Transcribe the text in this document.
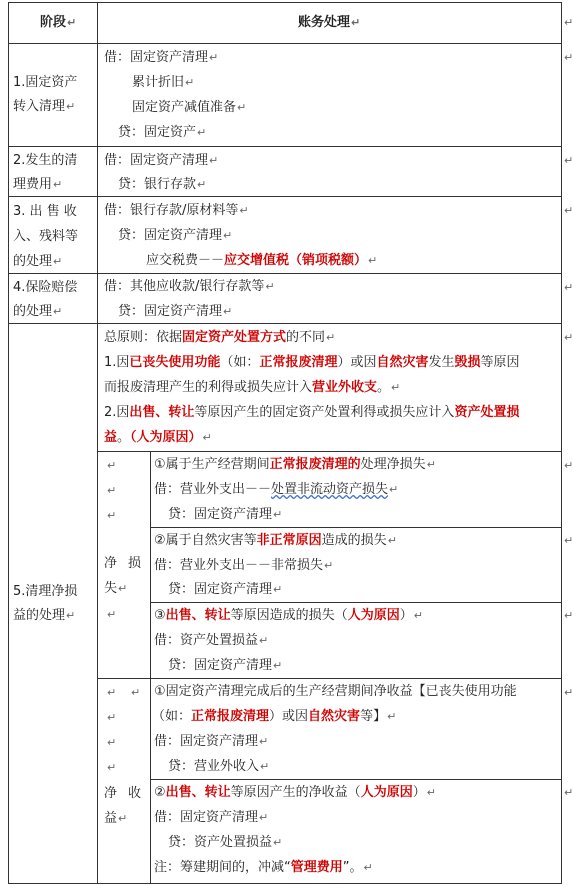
阶段↵	账务处理↵
1.固定资产
转入清理↵
借：固定资产清理↵
累计折旧↵
固定资产减值准备↵
贷：固定资产↵
2.发生的清
理费用↵
借：固定资产清理↵
贷：银行存款↵
3. 出 售 收
入、残料等
的处理↵
借：银行存款/原材料等↵
贷：固定资产清理↵
应交税费－－应交增值税（销项税额）↵
4.保险赔偿
的处理↵
借：其他应收款/银行存款等↵
贷：固定资产清理↵
5.清理净损
益的处理↵
总原则：依据固定资产处置方式的不同↵
1.因已丧失使用功能（如：正常报废清理）或因自然灾害发生毁损等原因
而报废清理产生的利得或损失应计入营业外收支。↵
2.因出售、转让等原因产生的固定资产处置利得或损失应计入资产处置损
益。（人为原因）↵
↵
↵
↵
净 损
失↵
↵
①属于生产经营期间正常报废清理的处理净损失↵
借：营业外支出－－处置非流动资产损失↵
贷：固定资产清理↵
②属于自然灾害等非正常原因造成的损失↵
借：营业外支出－－非常损失↵
贷：固定资产清理↵
③出售、转让等原因造成的损失（人为原因）↵
借：资产处置损益↵
贷：固定资产清理↵
↵ ↵
↵
↵
↵
净 收
益↵
①固定资产清理完成后的生产经营期间净收益【已丧失使用功能
（如：正常报废清理）或因自然灾害等】↵
借：固定资产清理↵
贷：营业外收入↵
②出售、转让等原因产生的净收益（人为原因）↵
借：固定资产清理↵
贷：资产处置损益↵
注：筹建期间的，冲减“管理费用”。↵
↵
↵
↵
↵
↵
↵
↵
↵
↵
↵
↵
